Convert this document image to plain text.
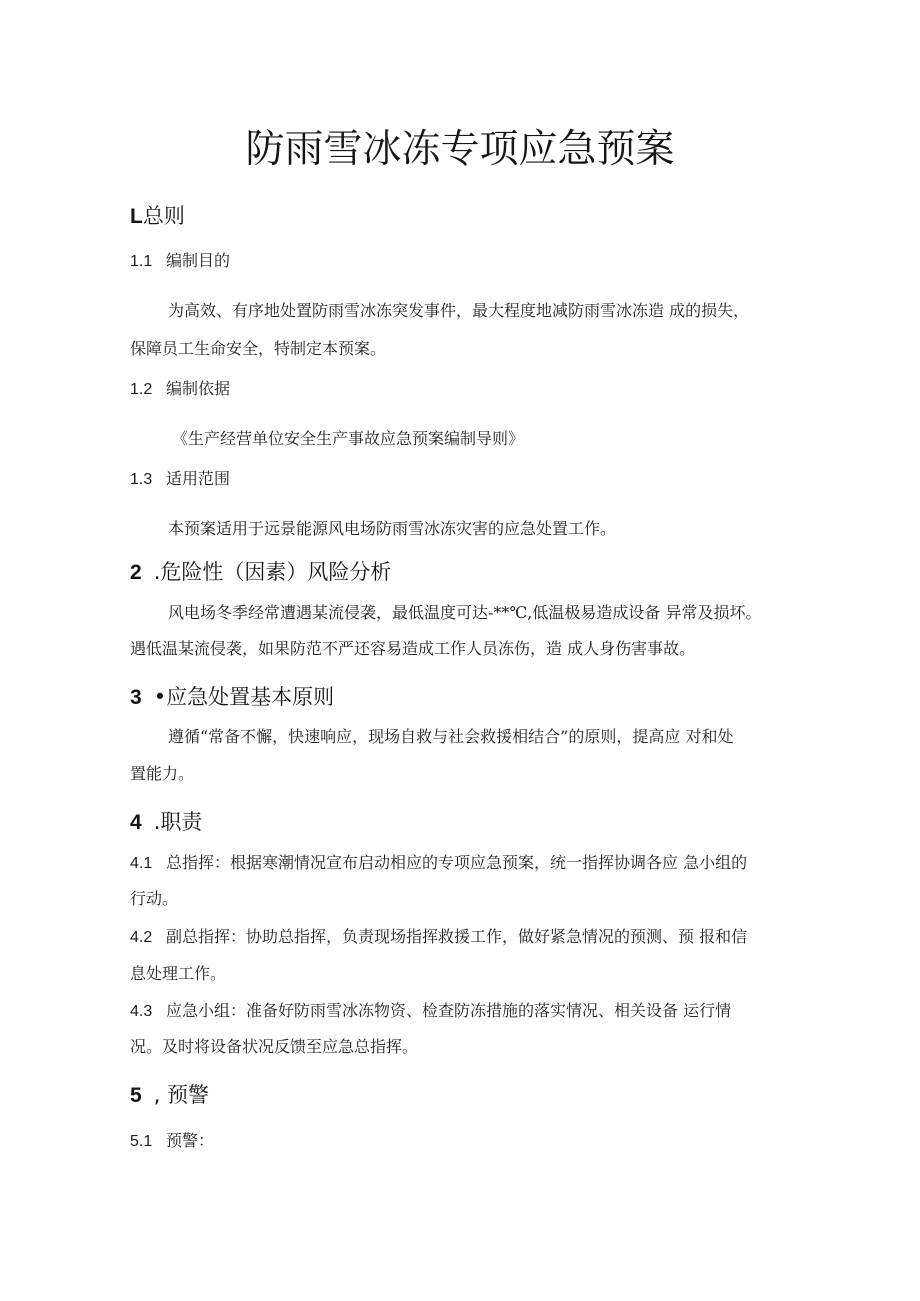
防雨雪冰冻专项应急预案
L总则
1.1 编制目的
为高效、有序地处置防雨雪冰冻突发事件，最大程度地减防雨雪冰冻造 成的损失，
保障员工生命安全，特制定本预案。
1.2 编制依据
《生产经营单位安全生产事故应急预案编制导则》
1.3 适用范围
本预案适用于远景能源风电场防雨雪冰冻灾害的应急处置工作。
2 .危险性（因素）风险分析
风电场冬季经常遭遇某流侵袭，最低温度可达-**℃,低温极易造成设备 异常及损坏。
遇低温某流侵袭，如果防范不严还容易造成工作人员冻伤，造 成人身伤害事故。
3 •应急处置基本原则
遵循“常备不懈，快速响应，现场自救与社会救援相结合”的原则，提高应 对和处
置能力。
4 .职责
4.1 总指挥：根据寒潮情况宣布启动相应的专项应急预案，统一指挥协调各应 急小组的
行动。
4.2 副总指挥：协助总指挥，负责现场指挥救援工作，做好紧急情况的预测、预 报和信
息处理工作。
4.3 应急小组：准备好防雨雪冰冻物资、检查防冻措施的落实情况、相关设备 运行情
况。及时将设备状况反馈至应急总指挥。
5 , 预警
5.1 预警：
